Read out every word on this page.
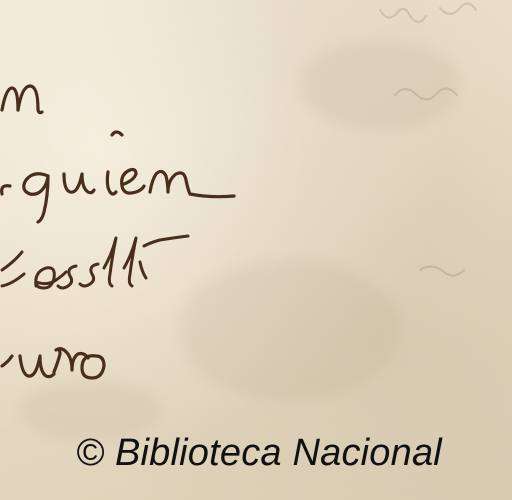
© Biblioteca Nacional
